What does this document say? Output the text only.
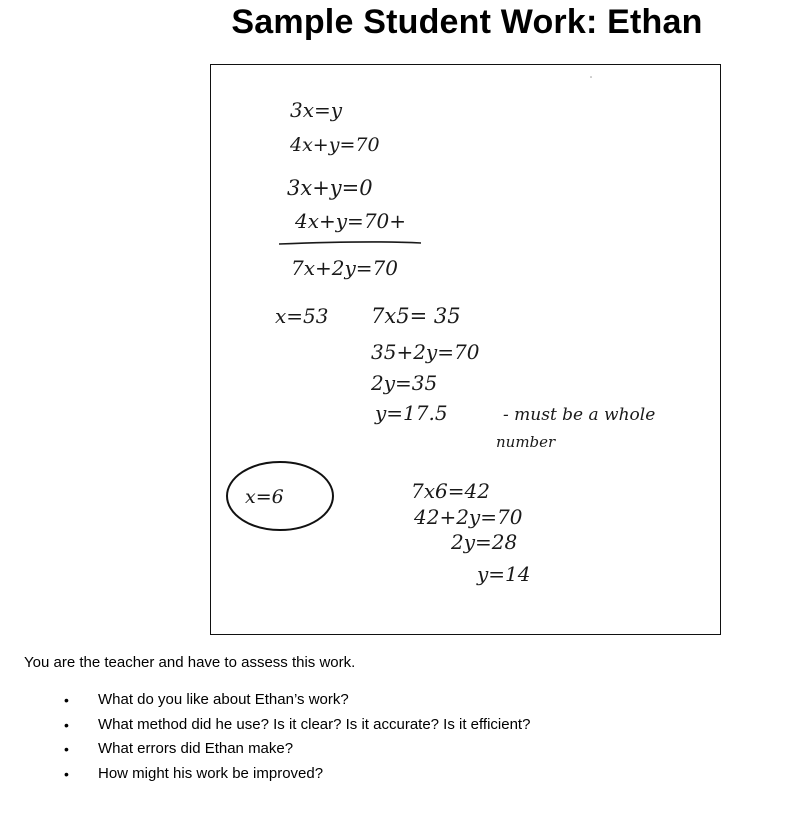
Sample Student Work: Ethan
3x=y
4x+y=70
3x+y=0
4x+y=70+
7x+2y=70
x=53 7x5= 35
35+2y=70
2y=35
y=17.5	- must be a whole
number
x=6	7x6=42
42+2y=70
2y=28
y=14
You are the teacher and have to assess this work.
• What do you like about Ethan’s work?
• What method did he use? Is it clear? Is it accurate? Is it efficient?
• What errors did Ethan make?
• How might his work be improved?
